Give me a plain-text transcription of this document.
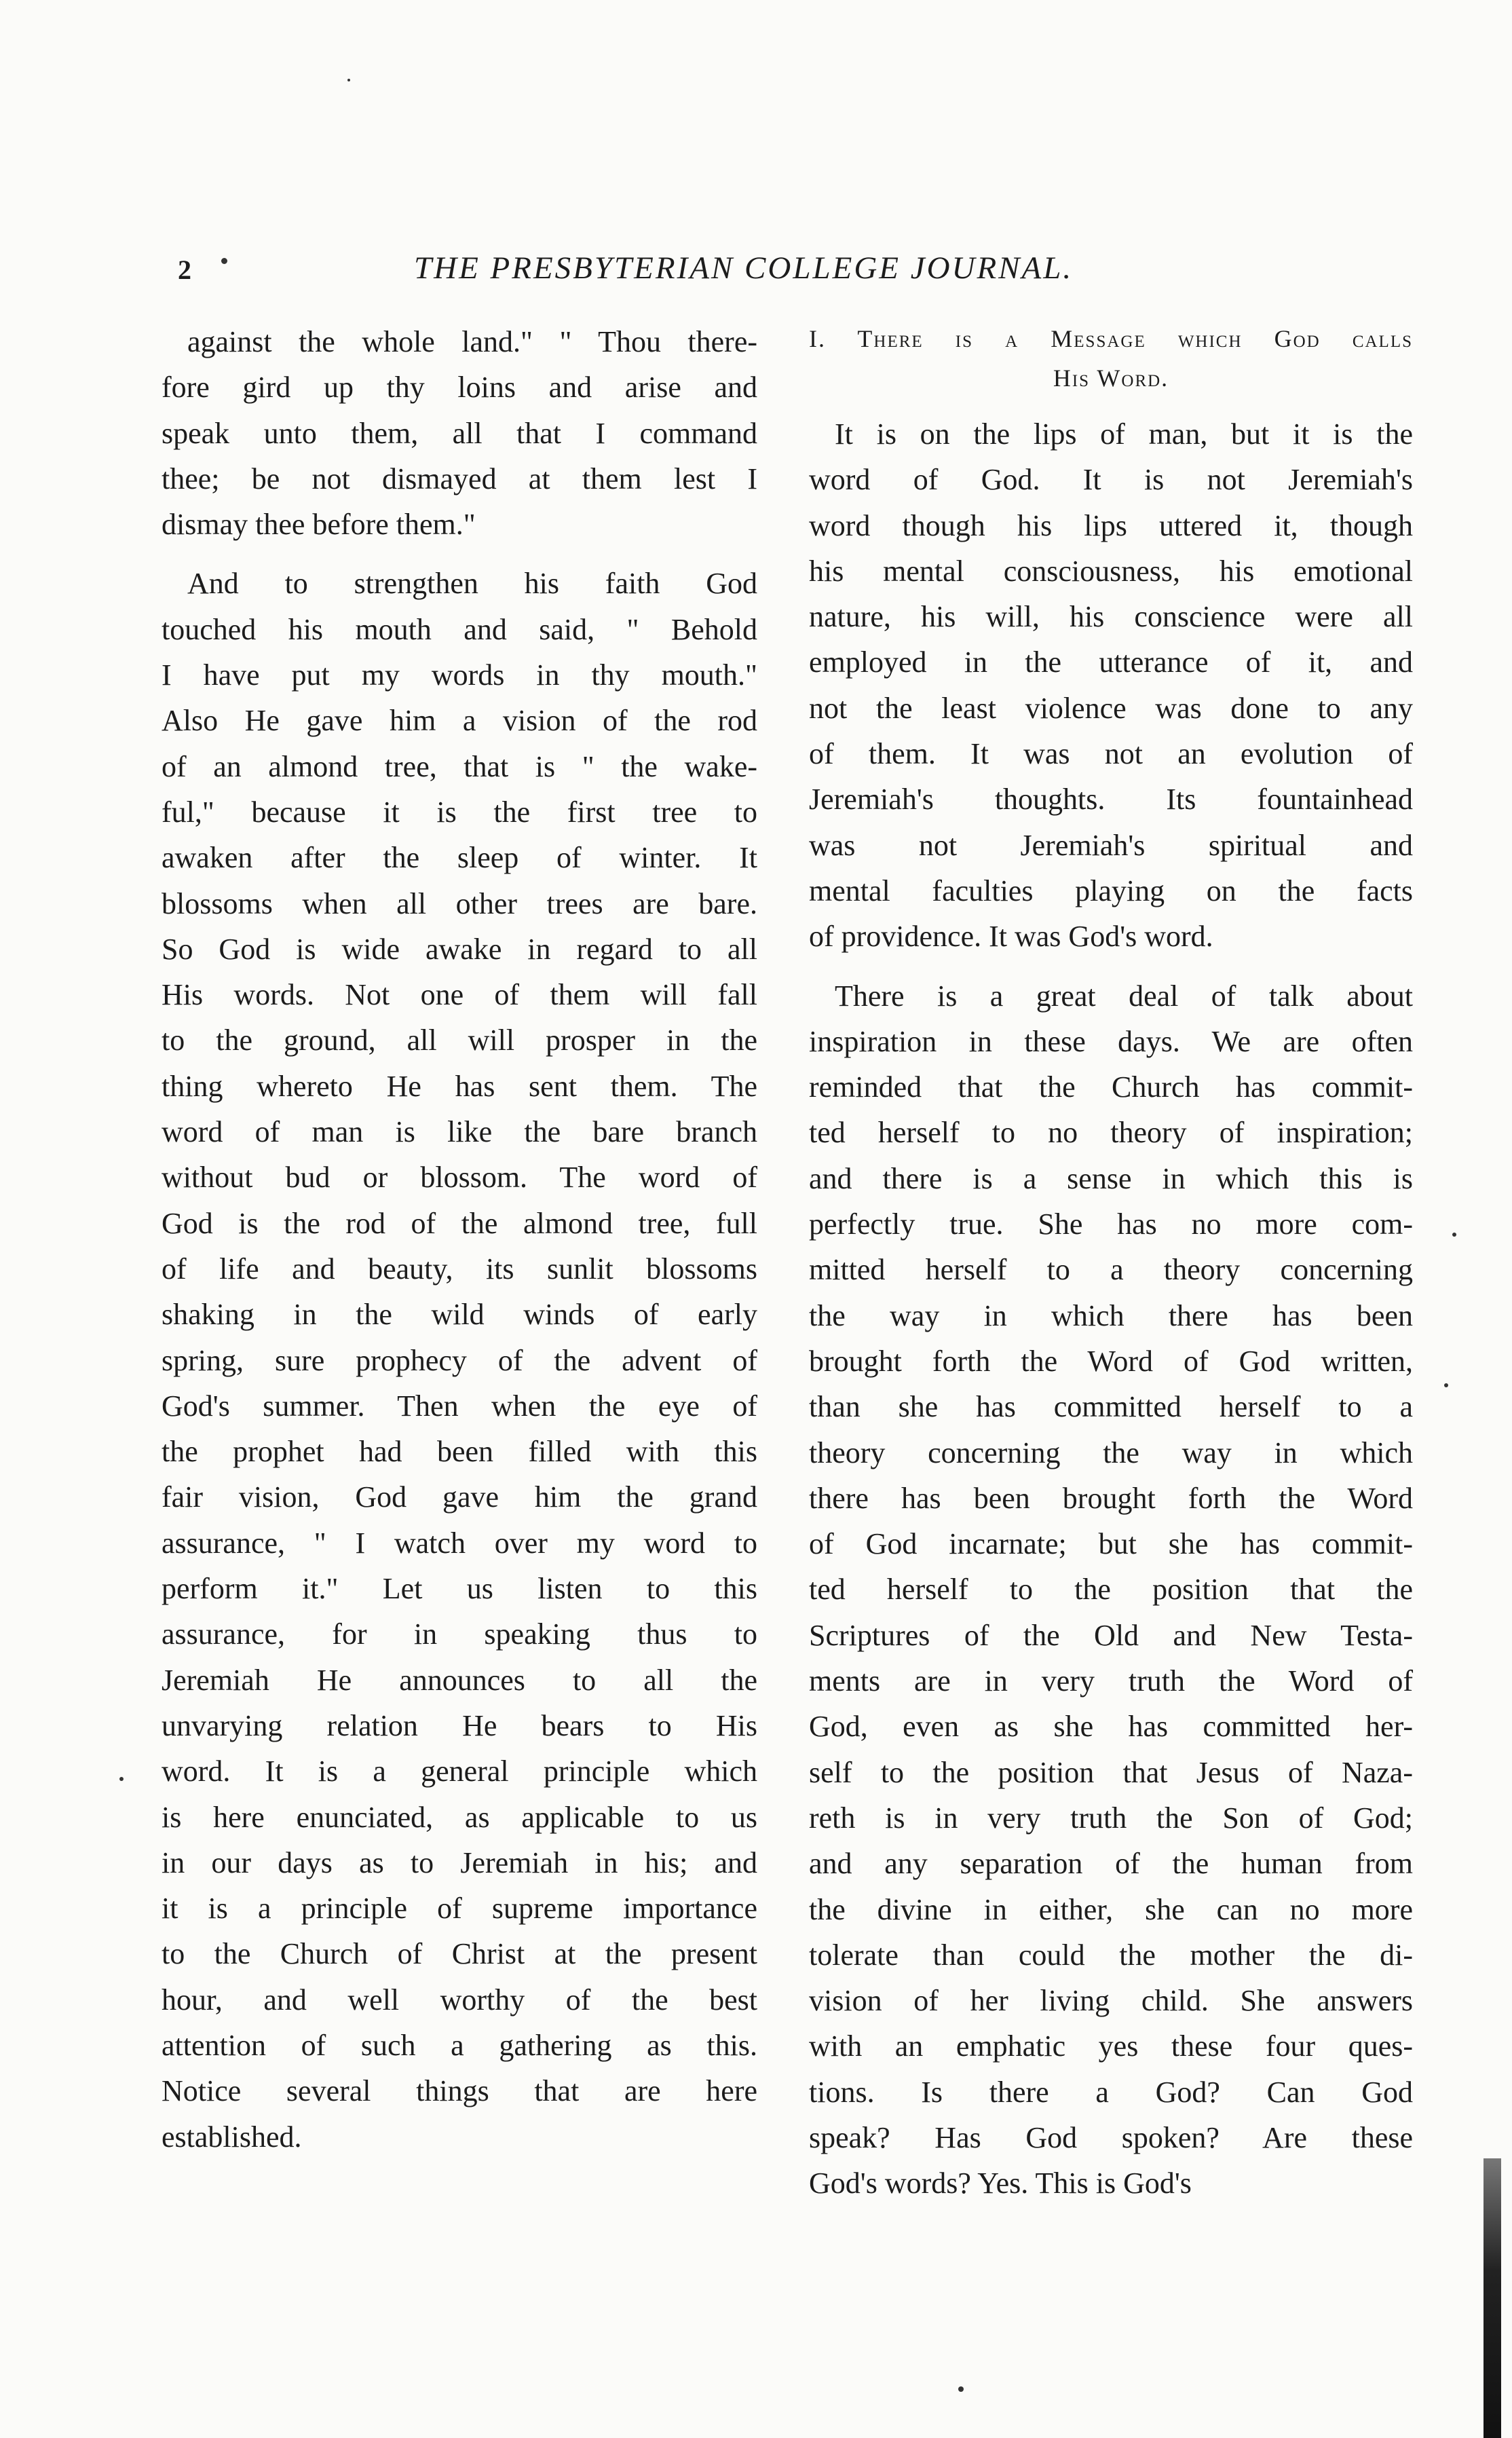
2	THE PRESBYTERIAN COLLEGE JOURNAL.

against the whole land." " Thou there-
fore gird up thy loins and arise and
speak unto them, all that I command
thee; be not dismayed at them lest I
dismay thee before them."

And to strengthen his faith God
touched his mouth and said, " Behold
I have put my words in thy mouth."
Also He gave him a vision of the rod
of an almond tree, that is " the wake-
ful," because it is the first tree to
awaken after the sleep of winter. It
blossoms when all other trees are bare.
So God is wide awake in regard to all
His words. Not one of them will fall
to the ground, all will prosper in the
thing whereto He has sent them. The
word of man is like the bare branch
without bud or blossom. The word of
God is the rod of the almond tree, full
of life and beauty, its sunlit blossoms
shaking in the wild winds of early
spring, sure prophecy of the advent of
God's summer. Then when the eye of
the prophet had been filled with this
fair vision, God gave him the grand
assurance, " I watch over my word to
perform it." Let us listen to this
assurance, for in speaking thus to
Jeremiah He announces to all the
unvarying relation He bears to His
word. It is a general principle which
is here enunciated, as applicable to us
in our days as to Jeremiah in his; and
it is a principle of supreme importance
to the Church of Christ at the present
hour, and well worthy of the best
attention of such a gathering as this.
Notice several things that are here
established.

I. There is a Message which God calls
His Word.

It is on the lips of man, but it is the
word of God. It is not Jeremiah's
word though his lips uttered it, though
his mental consciousness, his emotional
nature, his will, his conscience were all
employed in the utterance of it, and
not the least violence was done to any
of them. It was not an evolution of
Jeremiah's thoughts. Its fountainhead
was not Jeremiah's spiritual and
mental faculties playing on the facts
of providence. It was God's word.

There is a great deal of talk about
inspiration in these days. We are often
reminded that the Church has commit-
ted herself to no theory of inspiration;
and there is a sense in which this is
perfectly true. She has no more com-
mitted herself to a theory concerning
the way in which there has been
brought forth the Word of God written,
than she has committed herself to a
theory concerning the way in which
there has been brought forth the Word
of God incarnate; but she has commit-
ted herself to the position that the
Scriptures of the Old and New Testa-
ments are in very truth the Word of
God, even as she has committed her-
self to the position that Jesus of Naza-
reth is in very truth the Son of God;
and any separation of the human from
the divine in either, she can no more
tolerate than could the mother the di-
vision of her living child. She answers
with an emphatic yes these four ques-
tions. Is there a God? Can God
speak? Has God spoken? Are these
God's words? Yes. This is God's
